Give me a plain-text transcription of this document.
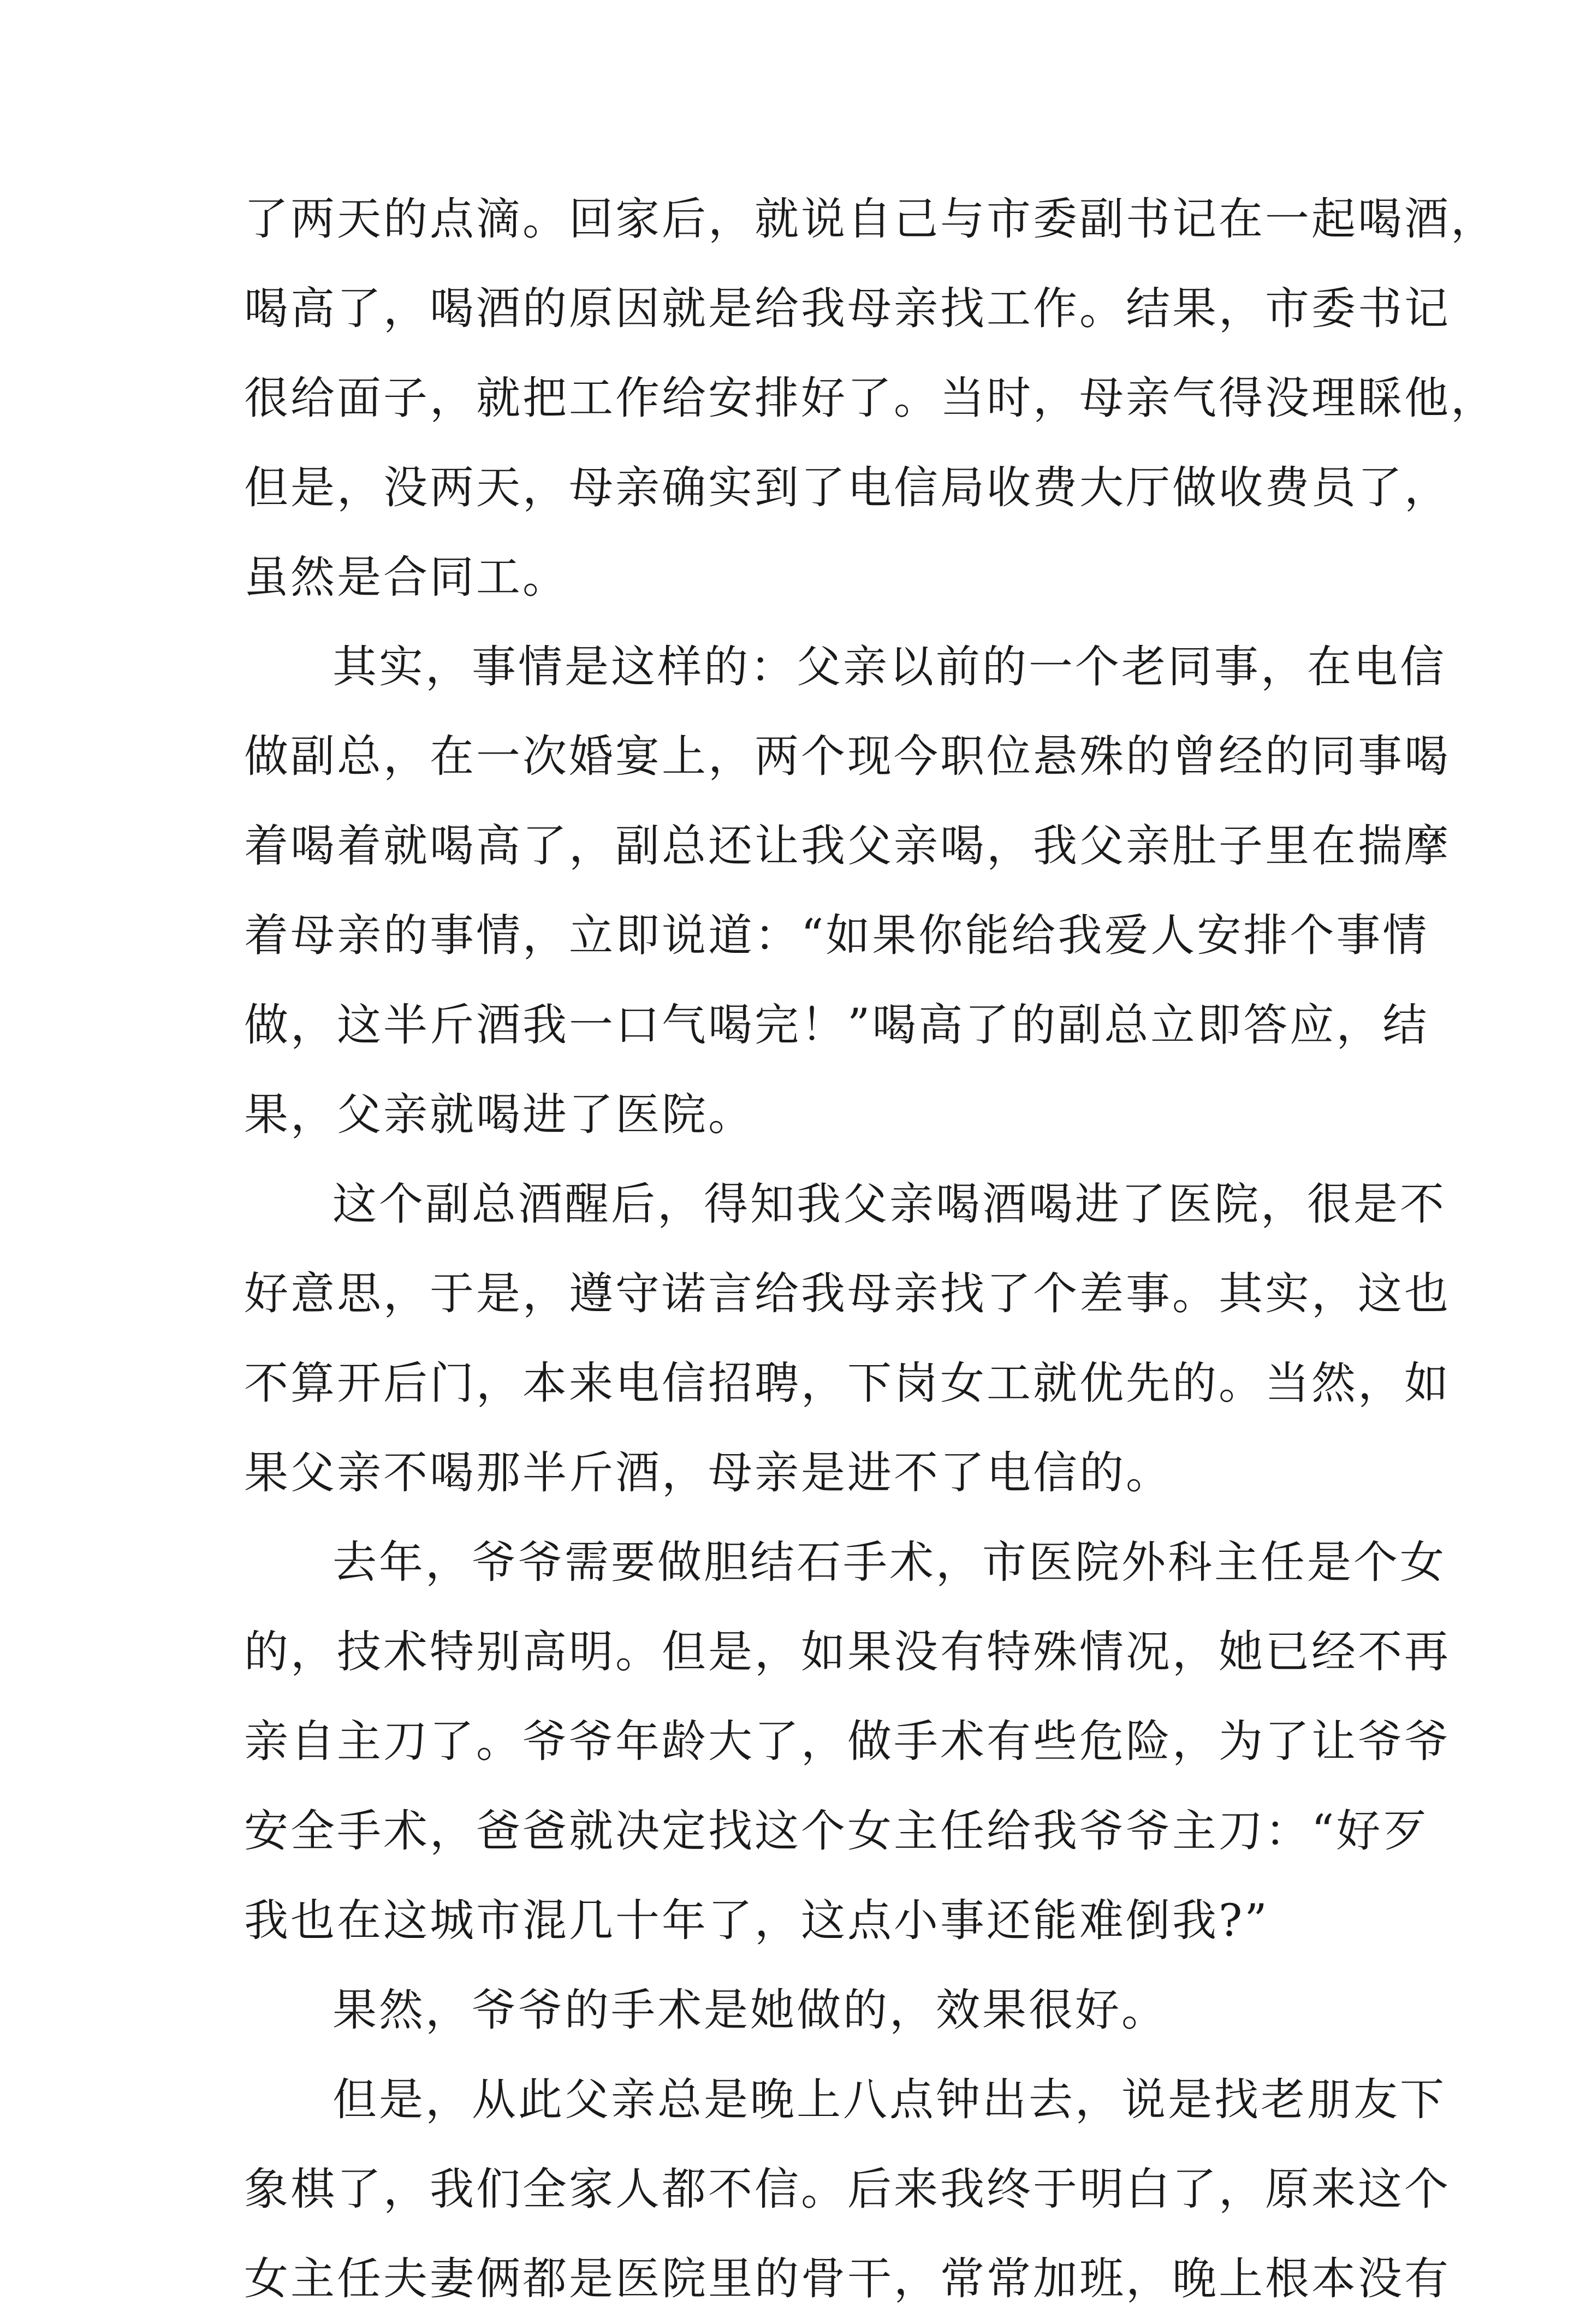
了两天的点滴。回家后，就说自己与市委副书记在一起喝酒，
喝高了，喝酒的原因就是给我母亲找工作。结果，市委书记
很给面子，就把工作给安排好了。当时，母亲气得没理睬他，
但是，没两天，母亲确实到了电信局收费大厅做收费员了，
虽然是合同工。
其实，事情是这样的：父亲以前的一个老同事，在电信
做副总，在一次婚宴上，两个现今职位悬殊的曾经的同事喝
着喝着就喝高了，副总还让我父亲喝，我父亲肚子里在揣摩
着母亲的事情，立即说道：“如果你能给我爱人安排个事情
做，这半斤酒我一口气喝完！”喝高了的副总立即答应，结
果，父亲就喝进了医院。
这个副总酒醒后，得知我父亲喝酒喝进了医院，很是不
好意思，于是，遵守诺言给我母亲找了个差事。其实，这也
不算开后门，本来电信招聘，下岗女工就优先的。当然，如
果父亲不喝那半斤酒，母亲是进不了电信的。
去年，爷爷需要做胆结石手术，市医院外科主任是个女
的，技术特别高明。但是，如果没有特殊情况，她已经不再
亲自主刀了。爷爷年龄大了，做手术有些危险，为了让爷爷
安全手术，爸爸就决定找这个女主任给我爷爷主刀：“好歹
我也在这城市混几十年了，这点小事还能难倒我?”
果然，爷爷的手术是她做的，效果很好。
但是，从此父亲总是晚上八点钟出去，说是找老朋友下
象棋了，我们全家人都不信。后来我终于明白了，原来这个
女主任夫妻俩都是医院里的骨干，常常加班，晚上根本没有
